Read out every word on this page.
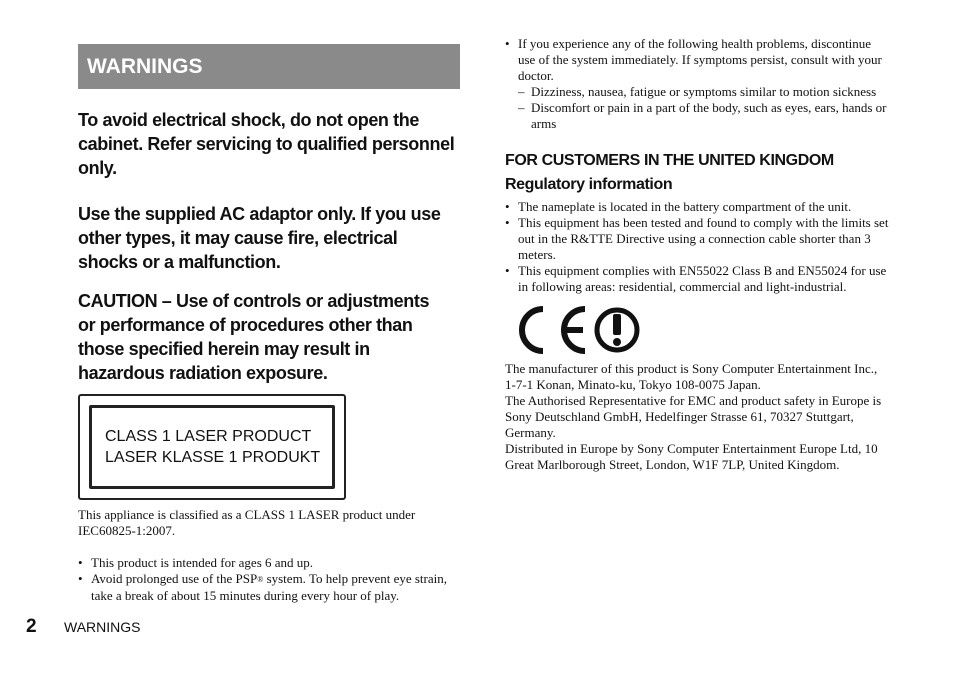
WARNINGS

To avoid electrical shock, do not open the cabinet. Refer servicing to qualified personnel only.

Use the supplied AC adaptor only. If you use other types, it may cause fire, electrical shocks or a malfunction.

CAUTION – Use of controls or adjustments or performance of procedures other than those specified herein may result in hazardous radiation exposure.

CLASS 1 LASER PRODUCT
LASER KLASSE 1 PRODUKT

This appliance is classified as a CLASS 1 LASER product under IEC60825-1:2007.

• This product is intended for ages 6 and up.
• Avoid prolonged use of the PSP® system. To help prevent eye strain, take a break of about 15 minutes during every hour of play.
• If you experience any of the following health problems, discontinue use of the system immediately. If symptoms persist, consult with your doctor.
– Dizziness, nausea, fatigue or symptoms similar to motion sickness
– Discomfort or pain in a part of the body, such as eyes, ears, hands or arms

FOR CUSTOMERS IN THE UNITED KINGDOM

Regulatory information

• The nameplate is located in the battery compartment of the unit.
• This equipment has been tested and found to comply with the limits set out in the R&TTE Directive using a connection cable shorter than 3 meters.
• This equipment complies with EN55022 Class B and EN55024 for use in following areas: residential, commercial and light-industrial.

The manufacturer of this product is Sony Computer Entertainment Inc., 1-7-1 Konan, Minato-ku, Tokyo 108-0075 Japan.

The Authorised Representative for EMC and product safety in Europe is Sony Deutschland GmbH, Hedelfinger Strasse 61, 70327 Stuttgart, Germany.

Distributed in Europe by Sony Computer Entertainment Europe Ltd, 10 Great Marlborough Street, London, W1F 7LP, United Kingdom.

2 WARNINGS
